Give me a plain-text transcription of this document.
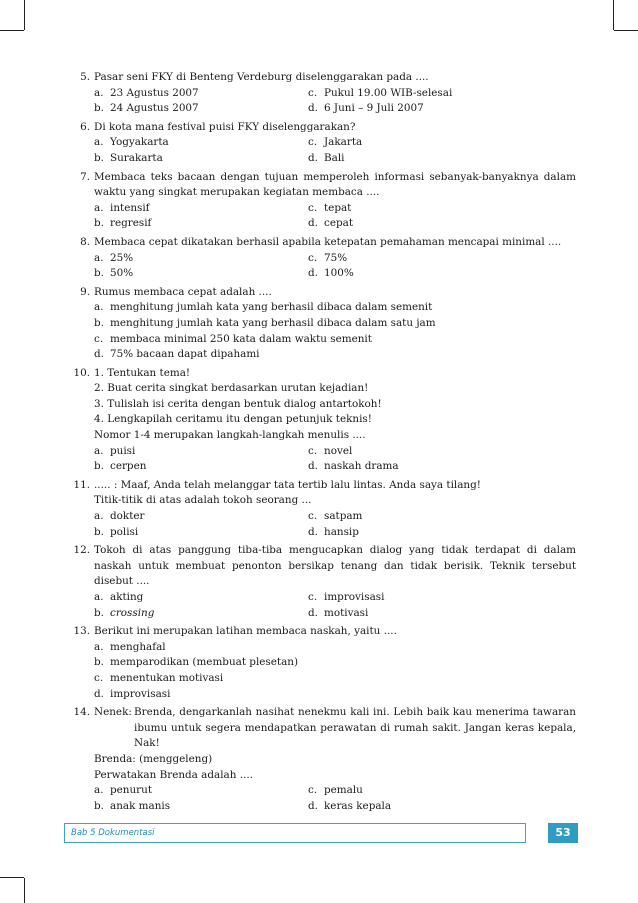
5. Pasar seni FKY di Benteng Verdeburg diselenggarakan pada ....
a. 23 Agustus 2007	c. Pukul 19.00 WIB-selesai
b. 24 Agustus 2007	d. 6 Juni – 9 Juli 2007
6. Di kota mana festival puisi FKY diselenggarakan?
a. Yogyakarta	c. Jakarta
b. Surakarta	d. Bali
7. Membaca teks bacaan dengan tujuan memperoleh informasi sebanyak-banyaknya dalam waktu yang singkat merupakan kegiatan membaca ....
a. intensif	c. tepat
b. regresif	d. cepat
8. Membaca cepat dikatakan berhasil apabila ketepatan pemahaman mencapai minimal ....
a. 25%	c. 75%
b. 50%	d. 100%
9. Rumus membaca cepat adalah ....
a. menghitung jumlah kata yang berhasil dibaca dalam semenit
b. menghitung jumlah kata yang berhasil dibaca dalam satu jam
c. membaca minimal 250 kata dalam waktu semenit
d. 75% bacaan dapat dipahami
10. 1. Tentukan tema!
2. Buat cerita singkat berdasarkan urutan kejadian!
3. Tulislah isi cerita dengan bentuk dialog antartokoh!
4. Lengkapilah ceritamu itu dengan petunjuk teknis!
Nomor 1-4 merupakan langkah-langkah menulis ....
a. puisi	c. novel
b. cerpen	d. naskah drama
11. ..... : Maaf, Anda telah melanggar tata tertib lalu lintas. Anda saya tilang!
Titik-titik di atas adalah tokoh seorang ...
a. dokter	c. satpam
b. polisi	d. hansip
12. Tokoh di atas panggung tiba-tiba mengucapkan dialog yang tidak terdapat di dalam naskah untuk membuat penonton bersikap tenang dan tidak berisik. Teknik tersebut disebut ....
a. akting	c. improvisasi
b. crossing	d. motivasi
13. Berikut ini merupakan latihan membaca naskah, yaitu ....
a. menghafal
b. memparodikan (membuat plesetan)
c. menentukan motivasi
d. improvisasi
14. Nenek: Brenda, dengarkanlah nasihat nenekmu kali ini. Lebih baik kau menerima tawaran ibumu untuk segera mendapatkan perawatan di rumah sakit. Jangan keras kepala, Nak!
Brenda: (menggeleng)
Perwatakan Brenda adalah ....
a. penurut	c. pemalu
b. anak manis	d. keras kepala
Bab 5 Dokumentasi	53
